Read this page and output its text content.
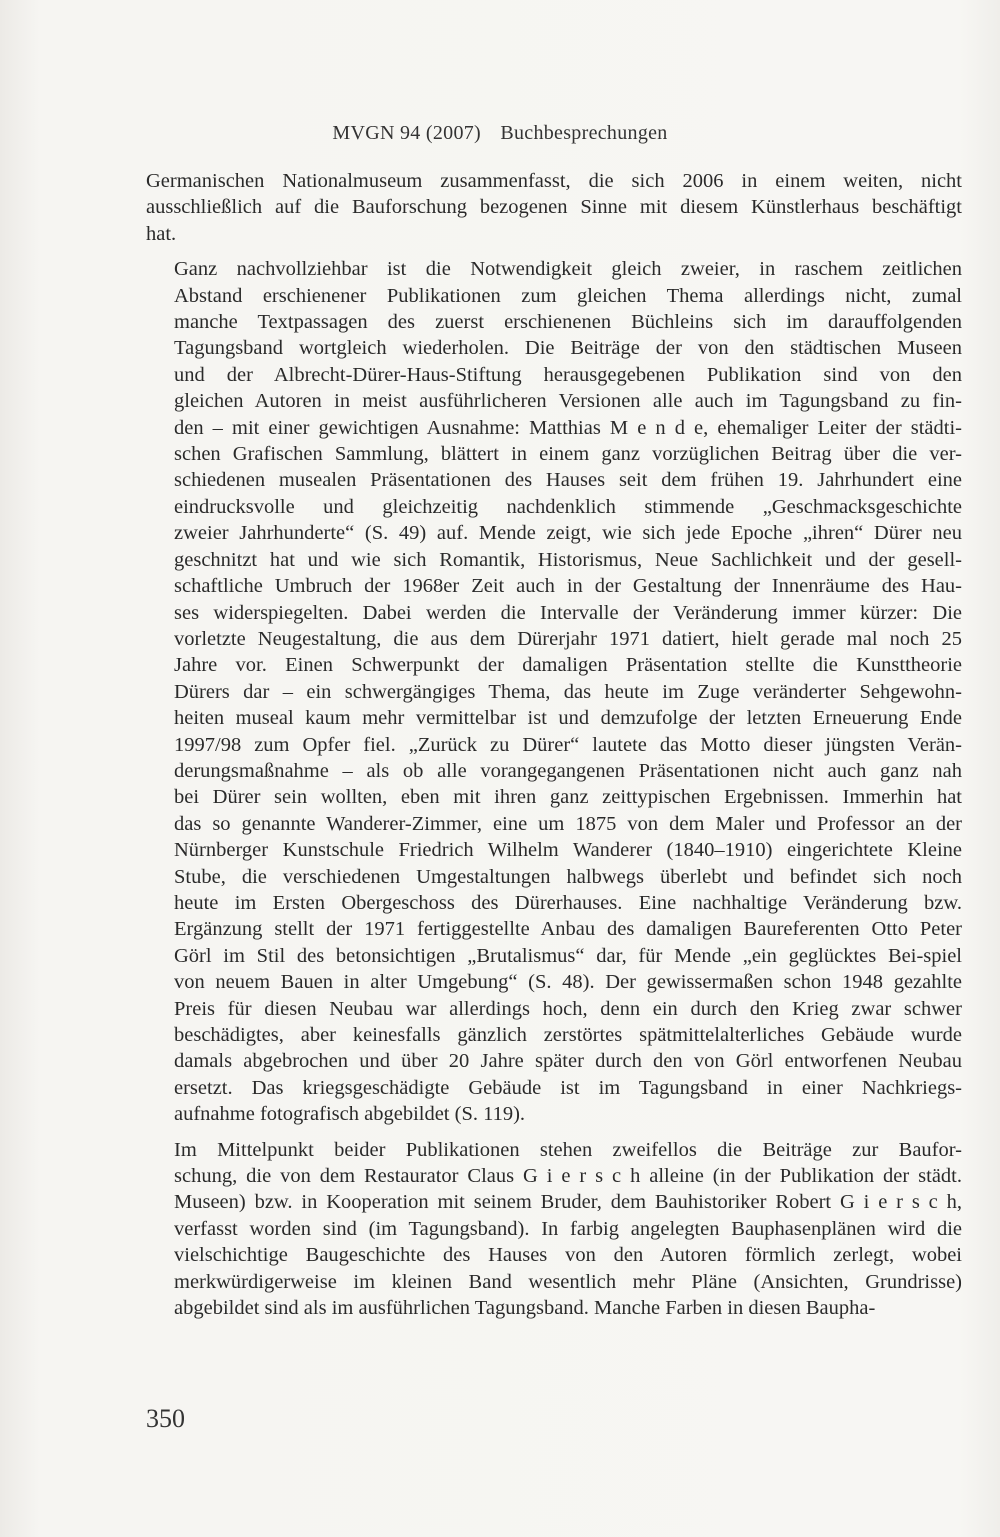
MVGN 94 (2007) Buchbesprechungen

Germanischen Nationalmuseum zusammenfasst, die sich 2006 in einem weiten, nicht
ausschließlich auf die Bauforschung bezogenen Sinne mit diesem Künstlerhaus beschäftigt
hat.

Ganz nachvollziehbar ist die Notwendigkeit gleich zweier, in raschem zeitlichen
Abstand erschienener Publikationen zum gleichen Thema allerdings nicht, zumal
manche Textpassagen des zuerst erschienenen Büchleins sich im darauffolgenden
Tagungsband wortgleich wiederholen. Die Beiträge der von den städtischen Museen
und der Albrecht-Dürer-Haus-Stiftung herausgegebenen Publikation sind von den
gleichen Autoren in meist ausführlicheren Versionen alle auch im Tagungsband zu fin-
den – mit einer gewichtigen Ausnahme: Matthias M e n d e, ehemaliger Leiter der städti-
schen Grafischen Sammlung, blättert in einem ganz vorzüglichen Beitrag über die ver-
schiedenen musealen Präsentationen des Hauses seit dem frühen 19. Jahrhundert eine
eindrucksvolle und gleichzeitig nachdenklich stimmende „Geschmacksgeschichte
zweier Jahrhunderte“ (S. 49) auf. Mende zeigt, wie sich jede Epoche „ihren“ Dürer neu
geschnitzt hat und wie sich Romantik, Historismus, Neue Sachlichkeit und der gesell-
schaftliche Umbruch der 1968er Zeit auch in der Gestaltung der Innenräume des Hau-
ses widerspiegelten. Dabei werden die Intervalle der Veränderung immer kürzer: Die
vorletzte Neugestaltung, die aus dem Dürerjahr 1971 datiert, hielt gerade mal noch 25
Jahre vor. Einen Schwerpunkt der damaligen Präsentation stellte die Kunsttheorie
Dürers dar – ein schwergängiges Thema, das heute im Zuge veränderter Sehgewohn-
heiten museal kaum mehr vermittelbar ist und demzufolge der letzten Erneuerung Ende
1997/98 zum Opfer fiel. „Zurück zu Dürer“ lautete das Motto dieser jüngsten Verän-
derungsmaßnahme – als ob alle vorangegangenen Präsentationen nicht auch ganz nah
bei Dürer sein wollten, eben mit ihren ganz zeittypischen Ergebnissen. Immerhin hat
das so genannte Wanderer-Zimmer, eine um 1875 von dem Maler und Professor an der
Nürnberger Kunstschule Friedrich Wilhelm Wanderer (1840–1910) eingerichtete Kleine
Stube, die verschiedenen Umgestaltungen halbwegs überlebt und befindet sich noch
heute im Ersten Obergeschoss des Dürerhauses. Eine nachhaltige Veränderung bzw.
Ergänzung stellt der 1971 fertiggestellte Anbau des damaligen Baureferenten Otto Peter
Görl im Stil des betonsichtigen „Brutalismus“ dar, für Mende „ein geglücktes Bei-spiel
von neuem Bauen in alter Umgebung“ (S. 48). Der gewissermaßen schon 1948 gezahlte
Preis für diesen Neubau war allerdings hoch, denn ein durch den Krieg zwar schwer
beschädigtes, aber keinesfalls gänzlich zerstörtes spätmittelalterliches Gebäude wurde
damals abgebrochen und über 20 Jahre später durch den von Görl entworfenen Neubau
ersetzt. Das kriegsgeschädigte Gebäude ist im Tagungsband in einer Nachkriegs-
aufnahme fotografisch abgebildet (S. 119).

Im Mittelpunkt beider Publikationen stehen zweifellos die Beiträge zur Baufor-
schung, die von dem Restaurator Claus G i e r s c h alleine (in der Publikation der städt.
Museen) bzw. in Kooperation mit seinem Bruder, dem Bauhistoriker Robert G i e r s c h,
verfasst worden sind (im Tagungsband). In farbig angelegten Bauphasenplänen wird die
vielschichtige Baugeschichte des Hauses von den Autoren förmlich zerlegt, wobei
merkwürdigerweise im kleinen Band wesentlich mehr Pläne (Ansichten, Grundrisse)
abgebildet sind als im ausführlichen Tagungsband. Manche Farben in diesen Baupha-

350
